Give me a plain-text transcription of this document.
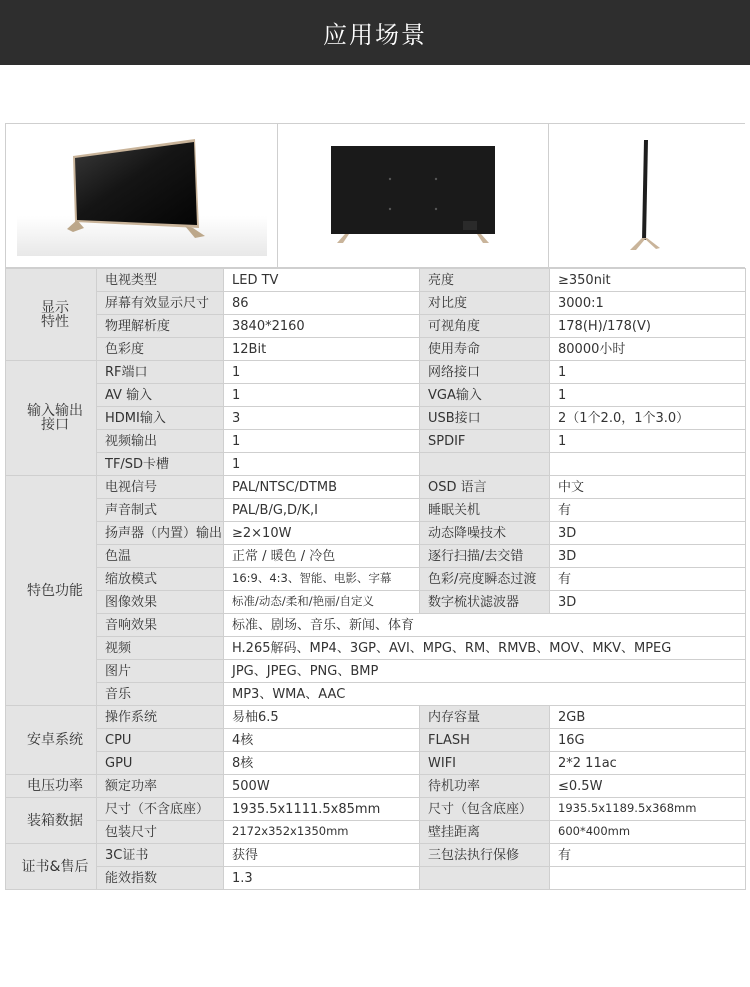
应用场景
显示
特性	电视类型	LED TV	亮度	≥350nit
	屏幕有效显示尺寸	86	对比度	3000:1
	物理解析度	3840*2160	可视角度	178(H)/178(V)
	色彩度	12Bit	使用寿命	80000小时
输入输出
接口	RF端口	1	网络接口	1
	AV 输入	1	VGA输入	1
	HDMI输入	3	USB接口	2（1个2.0，1个3.0）
	视频输出	1	SPDIF	1
	TF/SD卡槽	1		
特色功能	电视信号	PAL/NTSC/DTMB	OSD 语言	中文
	声音制式	PAL/B/G,D/K,I	睡眠关机	有
	扬声器（内置）输出	≥2×10W	动态降噪技术	3D
	色温	正常 / 暖色 / 冷色	逐行扫描/去交错	3D
	缩放模式	16:9、4:3、智能、电影、字幕	色彩/亮度瞬态过渡	有
	图像效果	标准/动态/柔和/艳丽/自定义	数字梳状滤波器	3D
	音响效果	标准、剧场、音乐、新闻、体育		
	视频	H.265解码、MP4、3GP、AVI、MPG、RM、RMVB、MOV、MKV、MPEG		
	图片	JPG、JPEG、PNG、BMP		
	音乐	MP3、WMA、AAC		
安卓系统	操作系统	易柚6.5	内存容量	2GB
	CPU	4核	FLASH	16G
	GPU	8核	WIFI	2*2 11ac
电压功率	额定功率	500W	待机功率	≤0.5W
装箱数据	尺寸（不含底座）	1935.5x1111.5x85mm	尺寸（包含底座）	1935.5x1189.5x368mm
	包装尺寸	2172x352x1350mm	壁挂距离	600*400mm
证书&售后	3C证书	获得	三包法执行保修	有
	能效指数	1.3		
